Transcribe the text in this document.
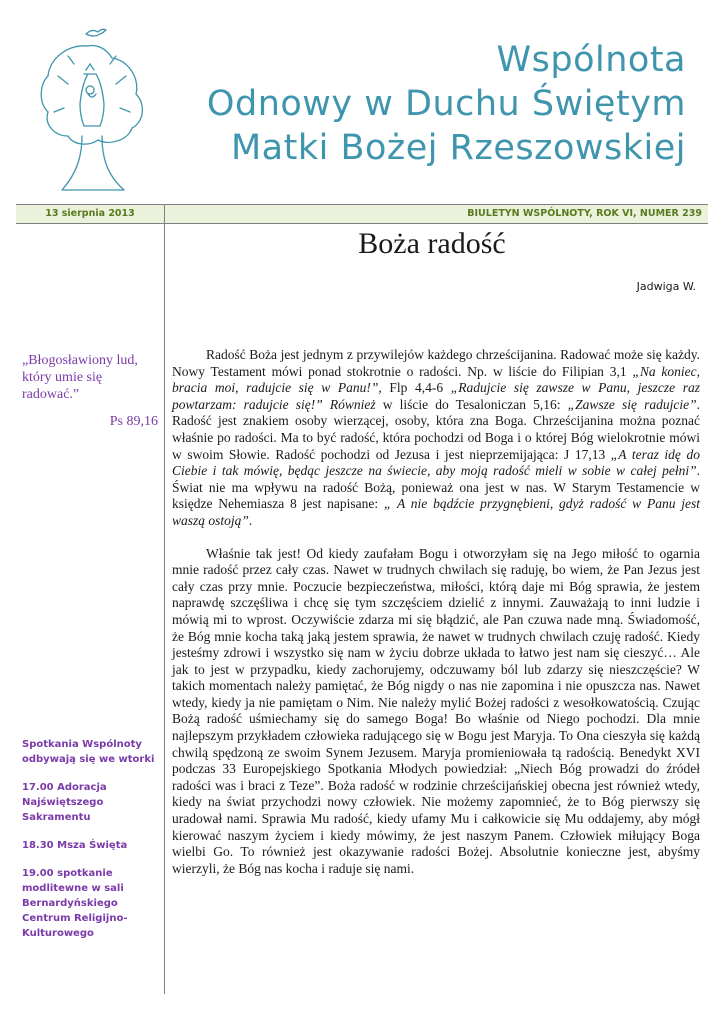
Wspólnota
Odnowy w Duchu Świętym
Matki Bożej Rzeszowskiej
13 sierpnia 2013	BIULETYN WSPÓLNOTY, ROK VI, NUMER 239
„Błogosławiony lud, który umie się radować.”
Ps 89,16

Spotkania Wspólnoty odbywają się we wtorki

17.00 Adoracja Najświętszego Sakramentu

18.30 Msza Święta

19.00 spotkanie modlitewne w sali Bernardyńskiego Centrum Religijno-Kulturowego

Boża radość
Jadwiga W.

Radość Boża jest jednym z przywilejów każdego chrześcijanina. Radować może się każdy. Nowy Testament mówi ponad stokrotnie o radości. Np. w liście do Filipian 3,1 „Na koniec, bracia moi, radujcie się w Panu!”, Flp 4,4-6 „Radujcie się zawsze w Panu, jeszcze raz powtarzam: radujcie się!” Również w liście do Tesaloniczan 5,16: „Zawsze się radujcie”. Radość jest znakiem osoby wierzącej, osoby, która zna Boga. Chrześcijanina można poznać właśnie po radości. Ma to być radość, która pochodzi od Boga i o której Bóg wielokrotnie mówi w swoim Słowie. Radość pochodzi od Jezusa i jest nieprzemijająca: J 17,13 „A teraz idę do Ciebie i tak mówię, będąc jeszcze na świecie, aby moją radość mieli w sobie w całej pełni”. Świat nie ma wpływu na radość Bożą, ponieważ ona jest w nas. W Starym Testamencie w księdze Nehemiasza 8 jest napisane: „ A nie bądźcie przygnębieni, gdyż radość w Panu jest waszą ostoją”.

Właśnie tak jest! Od kiedy zaufałam Bogu i otworzyłam się na Jego miłość to ogarnia mnie radość przez cały czas. Nawet w trudnych chwilach się raduję, bo wiem, że Pan Jezus jest cały czas przy mnie. Poczucie bezpieczeństwa, miłości, którą daje mi Bóg sprawia, że jestem naprawdę szczęśliwa i chcę się tym szczęściem dzielić z innymi. Zauważają to inni ludzie i mówią mi to wprost. Oczywiście zdarza mi się błądzić, ale Pan czuwa nade mną. Świadomość, że Bóg mnie kocha taką jaką jestem sprawia, że nawet w trudnych chwilach czuję radość. Kiedy jesteśmy zdrowi i wszystko się nam w życiu dobrze układa to łatwo jest nam się cieszyć… Ale jak to jest w przypadku, kiedy zachorujemy, odczuwamy ból lub zdarzy się nieszczęście? W takich momentach należy pamiętać, że Bóg nigdy o nas nie zapomina i nie opuszcza nas. Nawet wtedy, kiedy ja nie pamiętam o Nim. Nie należy mylić Bożej radości z wesołkowatością. Czując Bożą radość uśmiechamy się do samego Boga! Bo właśnie od Niego pochodzi. Dla mnie najlepszym przykładem człowieka radującego się w Bogu jest Maryja. To Ona cieszyła się każdą chwilą spędzoną ze swoim Synem Jezusem. Maryja promieniowała tą radością. Benedykt XVI podczas 33 Europejskiego Spotkania Młodych powiedział: „Niech Bóg prowadzi do źródeł radości was i braci z Teze”. Boża radość w rodzinie chrześcijańskiej obecna jest również wtedy, kiedy na świat przychodzi nowy człowiek. Nie możemy zapomnieć, że to Bóg pierwszy się uradował nami. Sprawia Mu radość, kiedy ufamy Mu i całkowicie się Mu oddajemy, aby mógł kierować naszym życiem i kiedy mówimy, że jest naszym Panem. Człowiek miłujący Boga wielbi Go. To również jest okazywanie radości Bożej. Absolutnie konieczne jest, abyśmy wierzyli, że Bóg nas kocha i raduje się nami.
